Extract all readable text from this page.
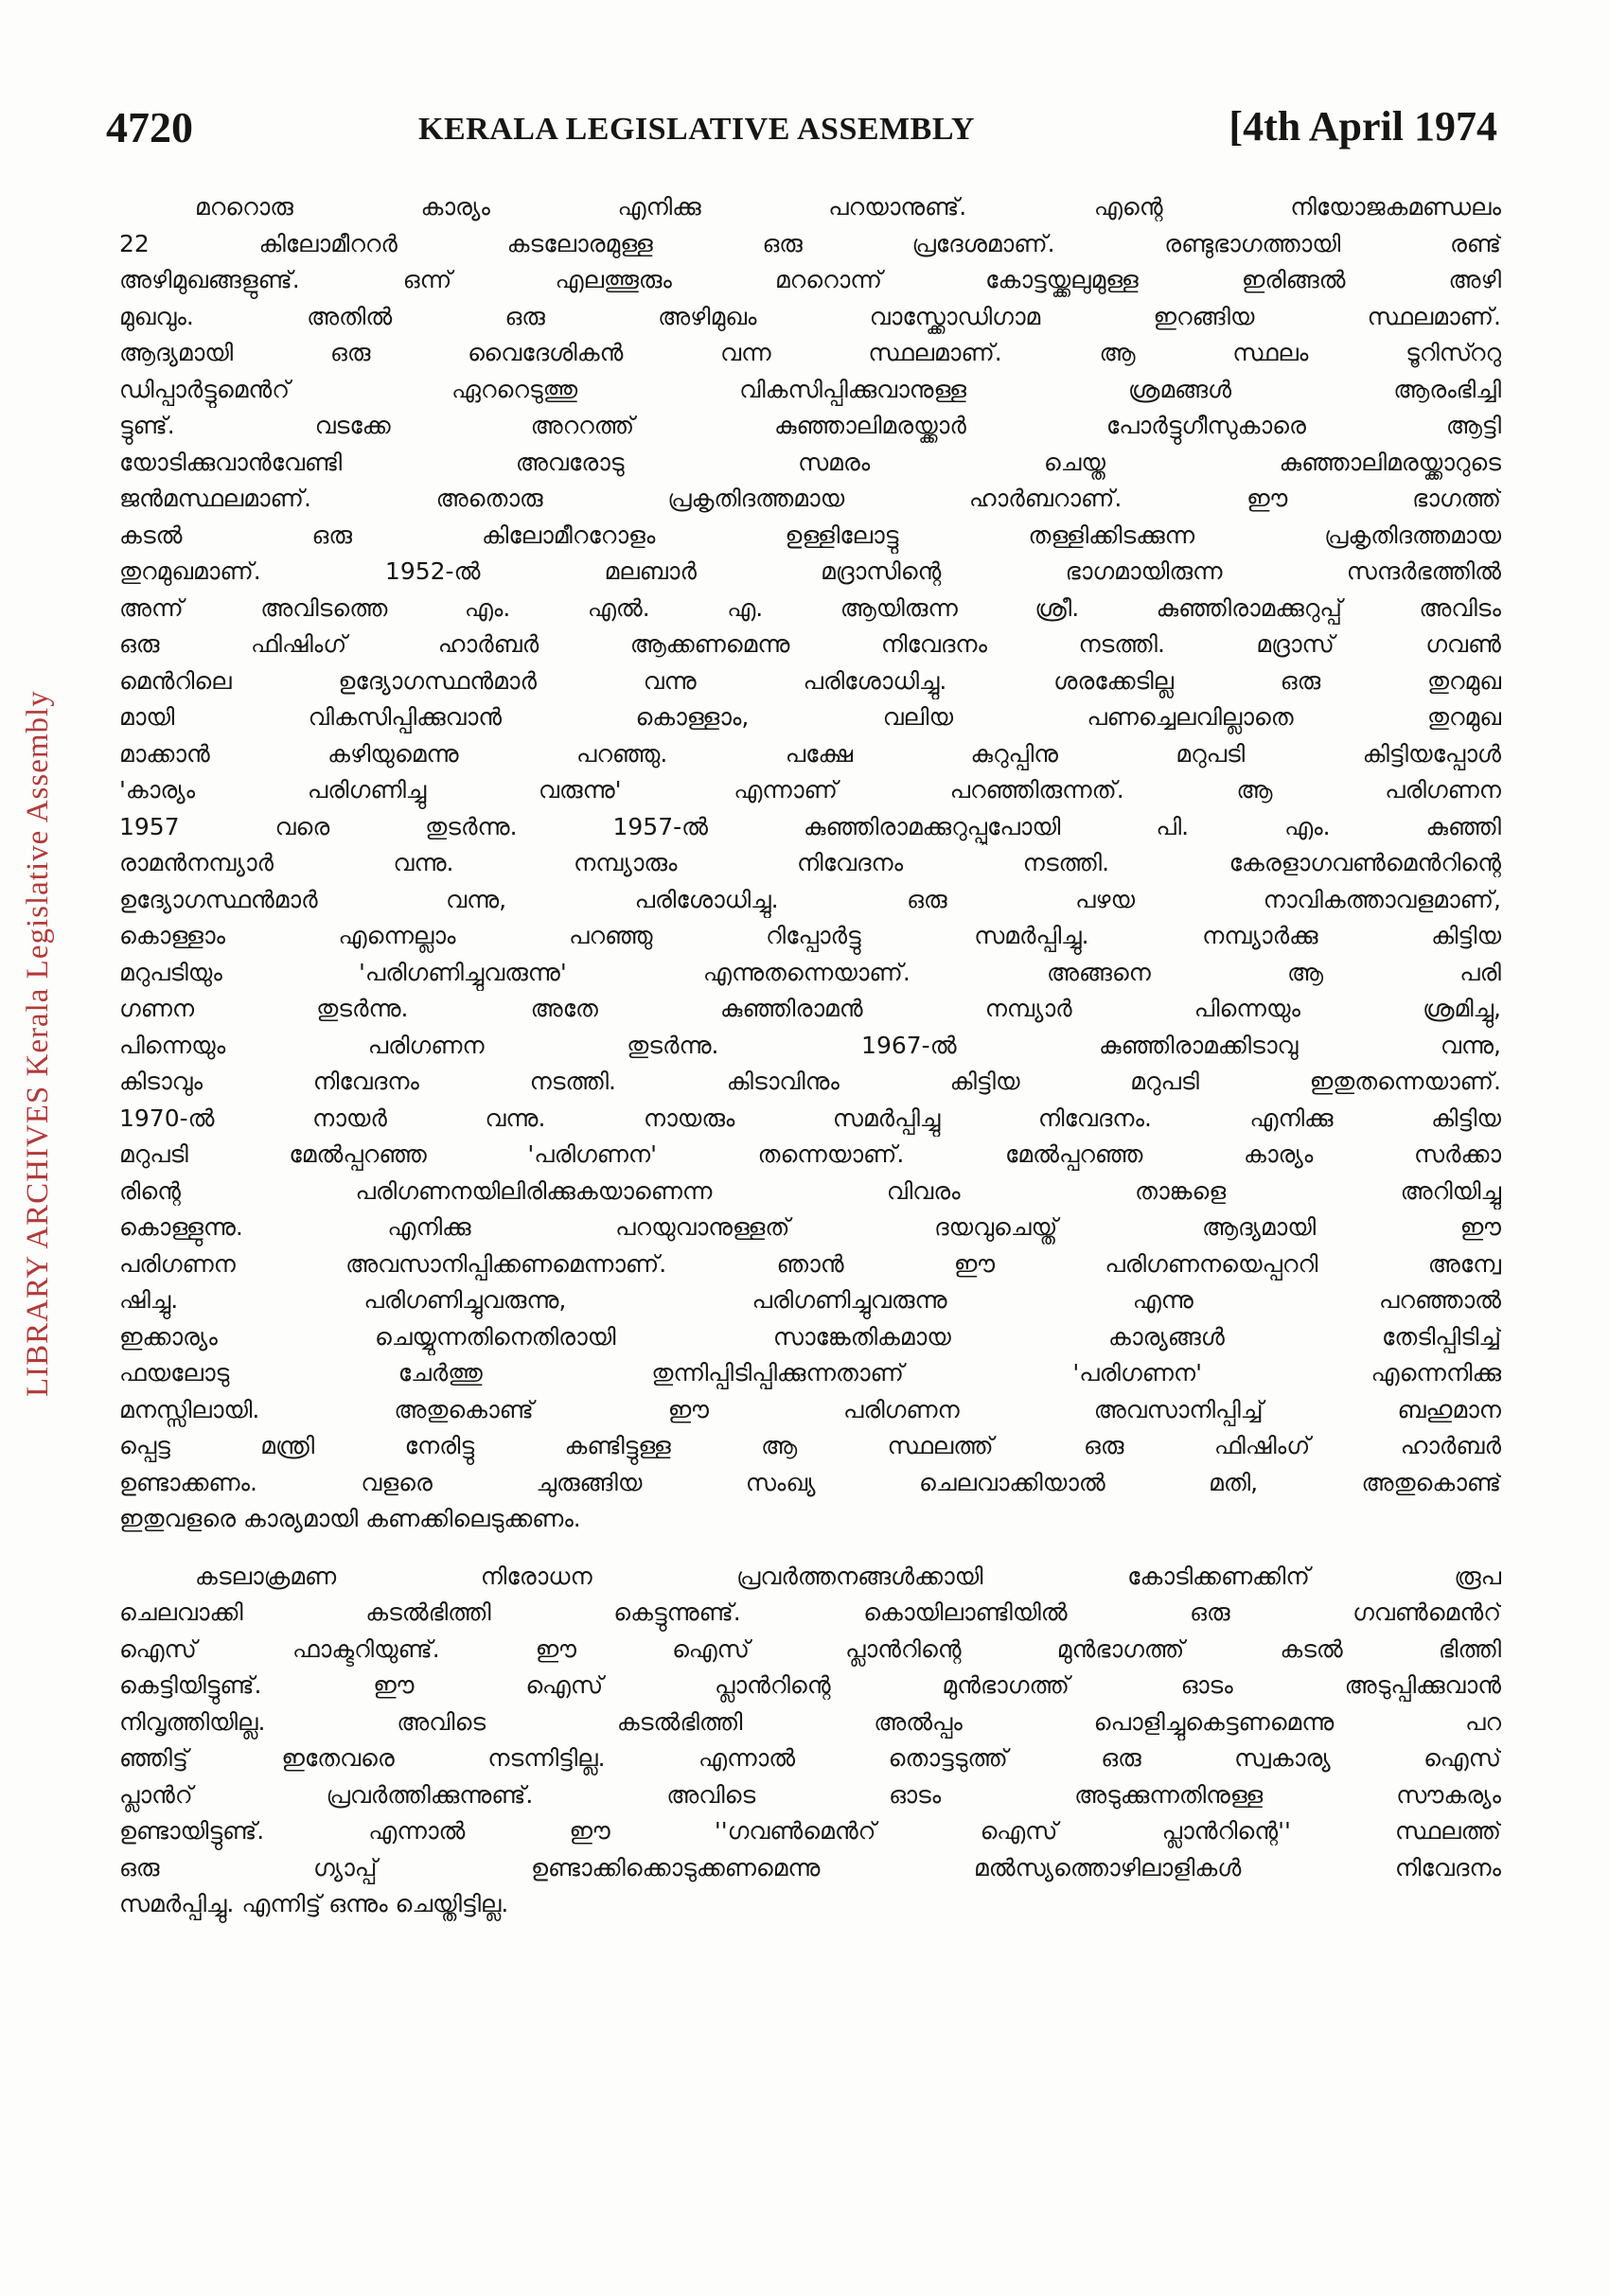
4720	KERALA LEGISLATIVE ASSEMBLY	[4th April 1974
LIBRARY ARCHIVES Kerala Legislative Assembly
മററൊരു കാര്യം എനിക്കു പറയാനുണ്ട്. എന്റെ നിയോജകമണ്ഡലം
22 കിലോമീററർ കടലോരമുള്ള ഒരു പ്രദേശമാണ്. രണ്ടുഭാഗത്തായി രണ്ട്
അഴിമുഖങ്ങളുണ്ട്. ഒന്ന് എലത്തൂരും മററൊന്ന് കോട്ടയ്ക്കലുമുള്ള ഇരിങ്ങൽ അഴി
മുഖവും. അതിൽ ഒരു അഴിമുഖം വാസ്ക്കോഡിഗാമ ഇറങ്ങിയ സ്ഥലമാണ്.
ആദ്യമായി ഒരു വൈദേശികൻ വന്ന സ്ഥലമാണ്. ആ സ്ഥലം ടൂറിസ്ററു
ഡിപ്പാർട്ടുമെൻറ് ഏററെടുത്തു വികസിപ്പിക്കുവാനുള്ള ശ്രമങ്ങൾ ആരംഭിച്ചി
ട്ടുണ്ട്. വടക്കേ അററത്ത് കുഞ്ഞാലിമരയ്ക്കാർ പോർട്ടുഗീസുകാരെ ആട്ടി
യോടിക്കുവാൻവേണ്ടി അവരോടു സമരം ചെയ്ത കുഞ്ഞാലിമരയ്ക്കാറുടെ
ജൻമസ്ഥലമാണ്. അതൊരു പ്രകൃതിദത്തമായ ഹാർബറാണ്. ഈ ഭാഗത്ത്
കടൽ ഒരു കിലോമീററോളം ഉള്ളിലോട്ടു തള്ളിക്കിടക്കുന്ന പ്രകൃതിദത്തമായ
തുറമുഖമാണ്. 1952-ൽ മലബാർ മദ്രാസിന്റെ ഭാഗമായിരുന്ന സന്ദർഭത്തിൽ
അന്ന് അവിടത്തെ എം. എൽ. എ. ആയിരുന്ന ശ്രീ. കുഞ്ഞിരാമക്കുറുപ്പ് അവിടം
ഒരു ഫിഷിംഗ് ഹാർബർ ആക്കണമെന്നു നിവേദനം നടത്തി. മദ്രാസ് ഗവൺ
മെൻറിലെ ഉദ്യോഗസ്ഥൻമാർ വന്നു പരിശോധിച്ചു. ശരക്കേടില്ല ഒരു തുറമുഖ
മായി വികസിപ്പിക്കുവാൻ കൊള്ളാം, വലിയ പണച്ചെലവില്ലാതെ തുറമുഖ
മാക്കാൻ കഴിയുമെന്നു പറഞ്ഞു. പക്ഷേ കുറുപ്പിനു മറുപടി കിട്ടിയപ്പോൾ
'കാര്യം പരിഗണിച്ചു വരുന്നു' എന്നാണ് പറഞ്ഞിരുന്നത്. ആ പരിഗണന
1957 വരെ തുടർന്നു. 1957-ൽ കുഞ്ഞിരാമക്കുറുപ്പുപോയി പി. എം. കുഞ്ഞി
രാമൻനമ്പ്യാർ വന്നു. നമ്പ്യാരും നിവേദനം നടത്തി. കേരളാഗവൺമെൻറിന്റെ
ഉദ്യോഗസ്ഥൻമാർ വന്നു, പരിശോധിച്ചു. ഒരു പഴയ നാവികത്താവളമാണ്,
കൊള്ളാം എന്നെല്ലാം പറഞ്ഞു റിപ്പോർട്ടു സമർപ്പിച്ചു. നമ്പ്യാർക്കു കിട്ടിയ
മറുപടിയും 'പരിഗണിച്ചുവരുന്നു' എന്നുതന്നെയാണ്. അങ്ങനെ ആ പരി
ഗണന തുടർന്നു. അതേ കുഞ്ഞിരാമൻ നമ്പ്യാർ പിന്നെയും ശ്രമിച്ചു,
പിന്നെയും പരിഗണന തുടർന്നു. 1967-ൽ കുഞ്ഞിരാമക്കിടാവു വന്നു,
കിടാവും നിവേദനം നടത്തി. കിടാവിനും കിട്ടിയ മറുപടി ഇതുതന്നെയാണ്.
1970-ൽ നായർ വന്നു. നായരും സമർപ്പിച്ചു നിവേദനം. എനിക്കു കിട്ടിയ
മറുപടി മേൽപ്പറഞ്ഞ 'പരിഗണന' തന്നെയാണ്. മേൽപ്പറഞ്ഞ കാര്യം സർക്കാ
രിന്റെ പരിഗണനയിലിരിക്കുകയാണെന്ന വിവരം താങ്കളെ അറിയിച്ചു
കൊള്ളുന്നു. എനിക്കു പറയുവാനുള്ളത് ദയവുചെയ്ത് ആദ്യമായി ഈ
പരിഗണന അവസാനിപ്പിക്കണമെന്നാണ്. ഞാൻ ഈ പരിഗണനയെപ്പററി അന്വേ
ഷിച്ചു. പരിഗണിച്ചുവരുന്നു, പരിഗണിച്ചുവരുന്നു എന്നു പറഞ്ഞാൽ
ഇക്കാര്യം ചെയ്യുന്നതിനെതിരായി സാങ്കേതികമായ കാര്യങ്ങൾ തേടിപ്പിടിച്ച്
ഫയലോടു ചേർത്തു തുന്നിപ്പിടിപ്പിക്കുന്നതാണ് 'പരിഗണന' എന്നെനിക്കു
മനസ്സിലായി. അതുകൊണ്ട് ഈ പരിഗണന അവസാനിപ്പിച്ച് ബഹുമാന
പ്പെട്ട മന്ത്രി നേരിട്ടു കണ്ടിട്ടുള്ള ആ സ്ഥലത്ത് ഒരു ഫിഷിംഗ് ഹാർബർ
ഉണ്ടാക്കണം. വളരെ ചുരുങ്ങിയ സംഖ്യ ചെലവാക്കിയാൽ മതി, അതുകൊണ്ട്
ഇതുവളരെ കാര്യമായി കണക്കിലെടുക്കണം.
കടലാക്രമണ നിരോധന പ്രവർത്തനങ്ങൾക്കായി കോടിക്കണക്കിന് രൂപ
ചെലവാക്കി കടൽഭിത്തി കെട്ടുന്നുണ്ട്. കൊയിലാണ്ടിയിൽ ഒരു ഗവൺമെൻറ്
ഐസ് ഫാക്ടറിയുണ്ട്. ഈ ഐസ് പ്ലാൻറിന്റെ മുൻഭാഗത്ത് കടൽ ഭിത്തി
കെട്ടിയിട്ടുണ്ട്. ഈ ഐസ് പ്ലാൻറിന്റെ മുൻഭാഗത്ത് ഓടം അടുപ്പിക്കുവാൻ
നിവൃത്തിയില്ല. അവിടെ കടൽഭിത്തി അൽപ്പം പൊളിച്ചുകെട്ടണമെന്നു പറ
ഞ്ഞിട്ട് ഇതേവരെ നടന്നിട്ടില്ല. എന്നാൽ തൊട്ടടുത്ത് ഒരു സ്വകാര്യ ഐസ്
പ്ലാൻറ് പ്രവർത്തിക്കുന്നുണ്ട്. അവിടെ ഓടം അടുക്കുന്നതിനുള്ള സൗകര്യം
ഉണ്ടായിട്ടുണ്ട്. എന്നാൽ ഈ ''ഗവൺമെൻറ് ഐസ് പ്ലാൻറിന്റെ'' സ്ഥലത്ത്
ഒരു ഗ്യാപ്പ് ഉണ്ടാക്കിക്കൊടുക്കണമെന്നു മൽസ്യത്തൊഴിലാളികൾ നിവേദനം
സമർപ്പിച്ചു. എന്നിട്ട് ഒന്നും ചെയ്തിട്ടില്ല.
